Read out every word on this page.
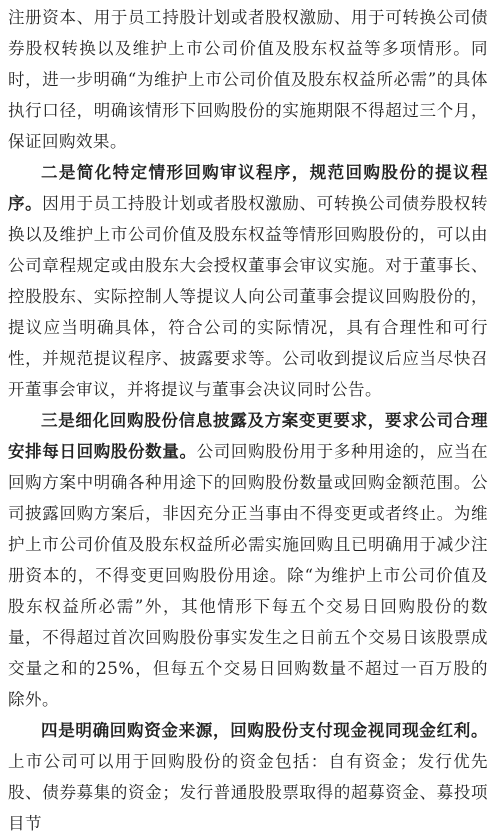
注册资本、用于员工持股计划或者股权激励、用于可转换公司债券股权转换以及维护上市公司价值及股东权益等多项情形。同时，进一步明确“为维护上市公司价值及股东权益所必需”的具体执行口径，明确该情形下回购股份的实施期限不得超过三个月，保证回购效果。

二是简化特定情形回购审议程序，规范回购股份的提议程序。因用于员工持股计划或者股权激励、可转换公司债券股权转换以及维护上市公司价值及股东权益等情形回购股份的，可以由公司章程规定或由股东大会授权董事会审议实施。对于董事长、控股股东、实际控制人等提议人向公司董事会提议回购股份的，提议应当明确具体，符合公司的实际情况，具有合理性和可行性，并规范提议程序、披露要求等。公司收到提议后应当尽快召开董事会审议，并将提议与董事会决议同时公告。

三是细化回购股份信息披露及方案变更要求，要求公司合理安排每日回购股份数量。公司回购股份用于多种用途的，应当在回购方案中明确各种用途下的回购股份数量或回购金额范围。公司披露回购方案后，非因充分正当事由不得变更或者终止。为维护上市公司价值及股东权益所必需实施回购且已明确用于减少注册资本的，不得变更回购股份用途。除“为维护上市公司价值及股东权益所必需”外，其他情形下每五个交易日回购股份的数量，不得超过首次回购股份事实发生之日前五个交易日该股票成交量之和的25%，但每五个交易日回购数量不超过一百万股的除外。

四是明确回购资金来源，回购股份支付现金视同现金红利。上市公司可以用于回购股份的资金包括：自有资金；发行优先股、债券募集的资金；发行普通股股票取得的超募资金、募投项目节
